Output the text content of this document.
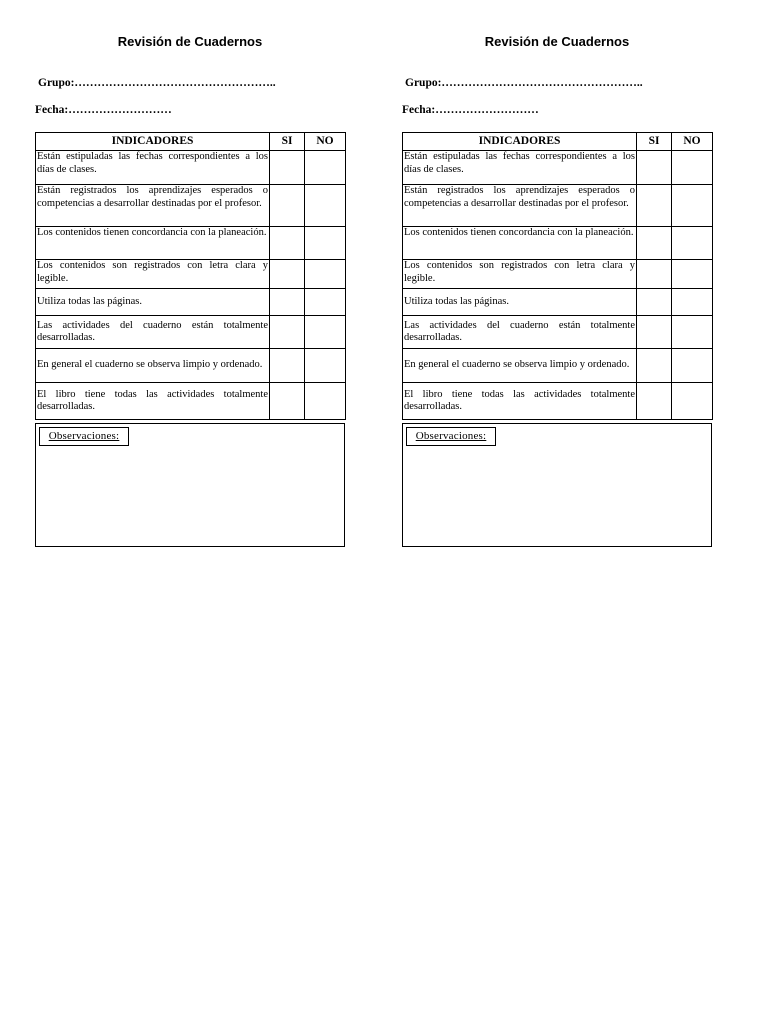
Revisión de Cuadernos
Grupo:……………………………………………..
Fecha:………………………
INDICADORES	SI	NO
Están estipuladas las fechas correspondientes a los días de clases.		
Están registrados los aprendizajes esperados o competencias a desarrollar destinadas por el profesor.		
Los contenidos tienen concordancia con la planeación.		
Los contenidos son registrados con letra clara y legible.		
Utiliza todas las páginas.		
Las actividades del cuaderno están totalmente desarrolladas.		
En general el cuaderno se observa limpio y ordenado.		
El libro tiene todas las actividades totalmente desarrolladas.		
Observaciones:
Revisión de Cuadernos
Grupo:……………………………………………..
Fecha:………………………
INDICADORES	SI	NO
Están estipuladas las fechas correspondientes a los días de clases.		
Están registrados los aprendizajes esperados o competencias a desarrollar destinadas por el profesor.		
Los contenidos tienen concordancia con la planeación.		
Los contenidos son registrados con letra clara y legible.		
Utiliza todas las páginas.		
Las actividades del cuaderno están totalmente desarrolladas.		
En general el cuaderno se observa limpio y ordenado.		
El libro tiene todas las actividades totalmente desarrolladas.		
Observaciones:
